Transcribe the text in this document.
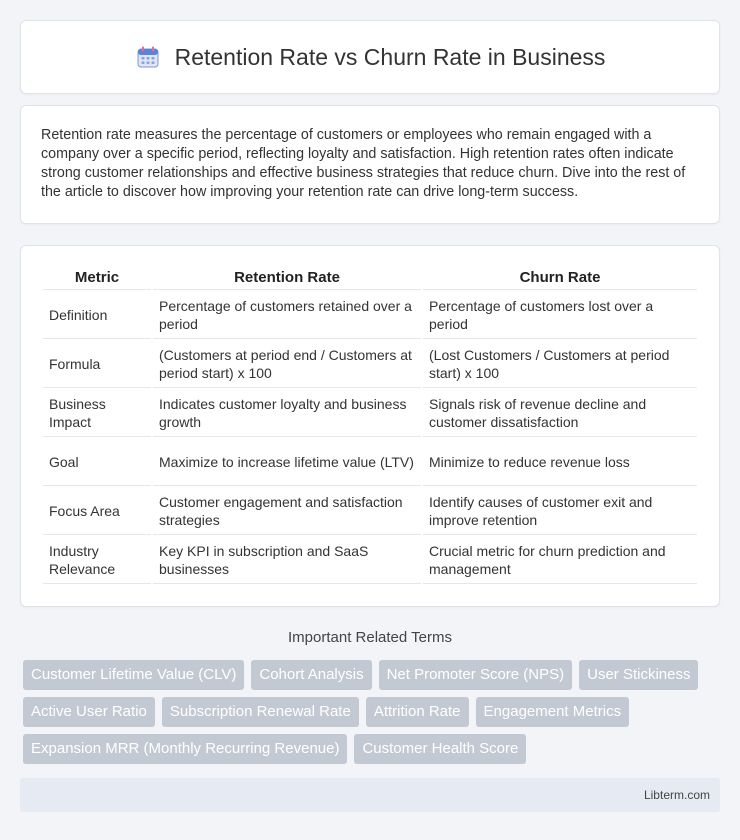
Retention Rate vs Churn Rate in Business

Retention rate measures the percentage of customers or employees who remain engaged with a company over a specific period, reflecting loyalty and satisfaction. High retention rates often indicate strong customer relationships and effective business strategies that reduce churn. Dive into the rest of the article to discover how improving your retention rate can drive long-term success.

Metric	Retention Rate	Churn Rate
Definition	Percentage of customers retained over a period	Percentage of customers lost over a period
Formula	(Customers at period end / Customers at period start) x 100	(Lost Customers / Customers at period start) x 100
Business Impact	Indicates customer loyalty and business growth	Signals risk of revenue decline and customer dissatisfaction
Goal	Maximize to increase lifetime value (LTV)	Minimize to reduce revenue loss
Focus Area	Customer engagement and satisfaction strategies	Identify causes of customer exit and improve retention
Industry Relevance	Key KPI in subscription and SaaS businesses	Crucial metric for churn prediction and management
Important Related Terms
Customer Lifetime Value (CLV)	Cohort Analysis	Net Promoter Score (NPS)	User Stickiness
Active User Ratio	Subscription Renewal Rate	Attrition Rate	Engagement Metrics
Expansion MRR (Monthly Recurring Revenue)	Customer Health Score
Libterm.com
